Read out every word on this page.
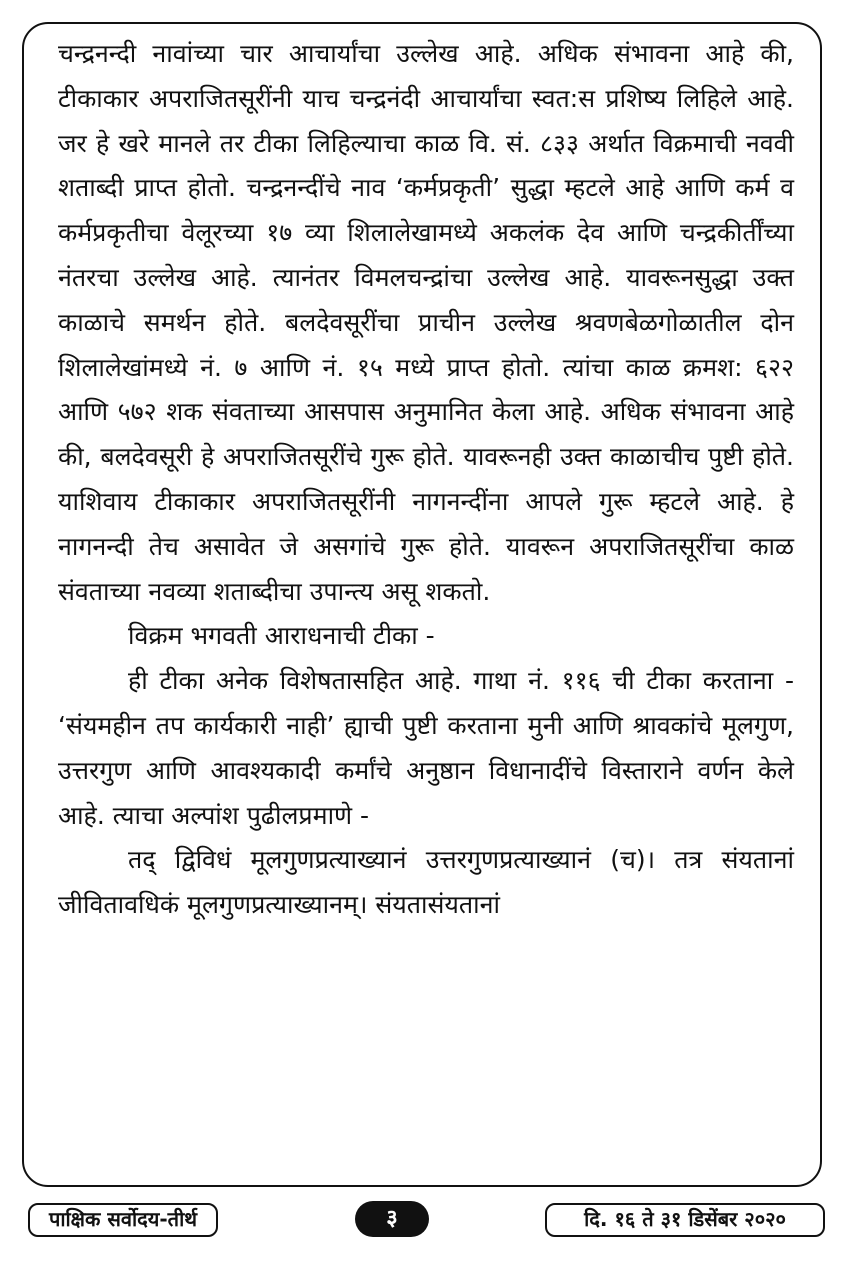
चन्द्रनन्दी नावांच्या चार आचार्यांचा उल्लेख आहे. अधिक संभावना आहे की, टीकाकार अपराजितसूरींनी याच चन्द्रनंदी आचार्यांचा स्वत:स प्रशिष्य लिहिले आहे. जर हे खरे मानले तर टीका लिहिल्याचा काळ वि. सं. ८३३ अर्थात विक्रमाची नववी शताब्दी प्राप्त होतो. चन्द्रनन्दींचे नाव ‘कर्मप्रकृती’ सुद्धा म्हटले आहे आणि कर्म व कर्मप्रकृतीचा वेलूरच्या १७ व्या शिलालेखामध्ये अकलंक देव आणि चन्द्रकीर्तींच्या नंतरचा उल्लेख आहे. त्यानंतर विमलचन्द्रांचा उल्लेख आहे. यावरूनसुद्धा उक्त काळाचे समर्थन होते. बलदेवसूरींचा प्राचीन उल्लेख श्रवणबेळगोळातील दोन शिलालेखांमध्ये नं. ७ आणि नं. १५ मध्ये प्राप्त होतो. त्यांचा काळ क्रमश: ६२२ आणि ५७२ शक संवताच्या आसपास अनुमानित केला आहे. अधिक संभावना आहे की, बलदेवसूरी हे अपराजितसूरींचे गुरू होते. यावरूनही उक्त काळाचीच पुष्टी होते. याशिवाय टीकाकार अपराजितसूरींनी नागनन्दींना आपले गुरू म्हटले आहे. हे नागनन्दी तेच असावेत जे असगांचे गुरू होते. यावरून अपराजितसूरींचा काळ संवताच्या नवव्या शताब्दीचा उपान्त्य असू शकतो.

विक्रम भगवती आराधनाची टीका -

ही टीका अनेक विशेषतासहित आहे. गाथा नं. ११६ ची टीका करताना - ‘संयमहीन तप कार्यकारी नाही’ ह्याची पुष्टी करताना मुनी आणि श्रावकांचे मूलगुण, उत्तरगुण आणि आवश्यकादी कर्मांचे अनुष्ठान विधानादींचे विस्ताराने वर्णन केले आहे. त्याचा अल्पांश पुढीलप्रमाणे -

तद् द्विविधं मूलगुणप्रत्याख्यानं उत्तरगुणप्रत्याख्यानं (च)। तत्र संयतानां जीवितावधिकं मूलगुणप्रत्याख्यानम्। संयतासंयतानां

पाक्षिक सर्वोदय-तीर्थ	३	दि. १६ ते ३१ डिसेंबर २०२०
